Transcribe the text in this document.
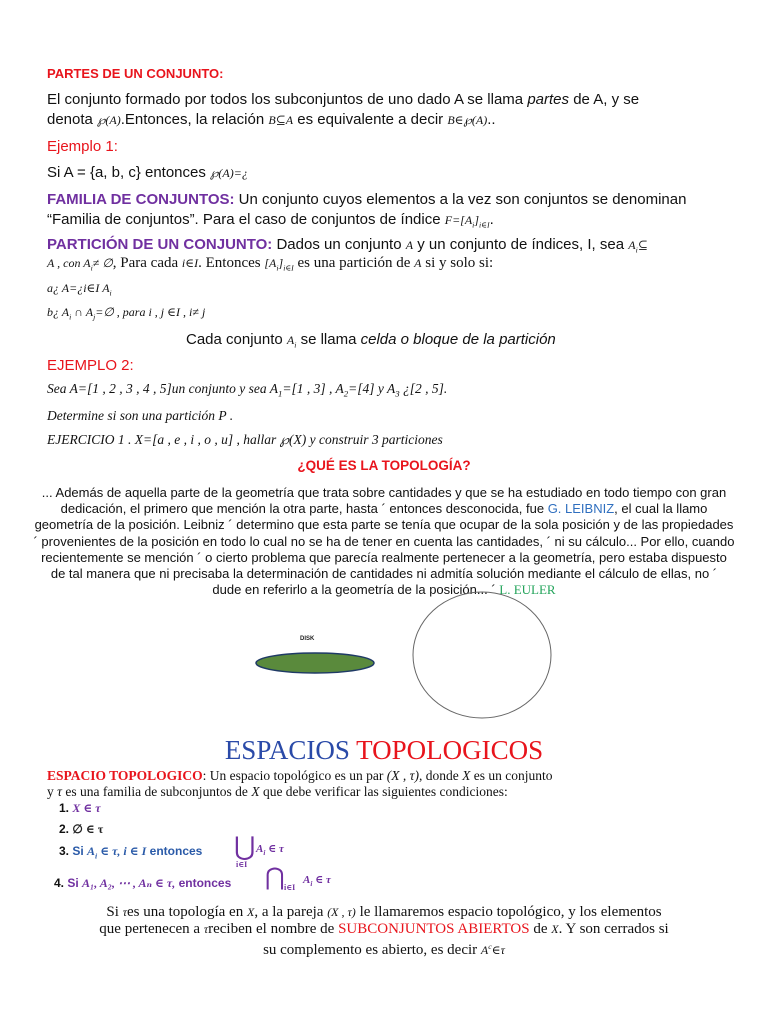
PARTES DE UN CONJUNTO:
El conjunto formado por todos los subconjuntos de uno dado A se llama partes de A, y se
denota ℘(A).Entonces, la relación B⊆A es equivalente a decir B∈℘(A)..
Ejemplo 1:
Si A = {a, b, c} entonces ℘(A)=¿
FAMILIA DE CONJUNTOS: Un conjunto cuyos elementos a la vez son conjuntos se denominan
“Familia de conjuntos”. Para el caso de conjuntos de índice $F=[A_i]_{i\in I}$.
PARTICIÓN DE UN CONJUNTO: Dados un conjunto A y un conjunto de índices, I, sea $A_i⊆$
A , con $A_i\ne$ ∅, Para cada i∈I. Entonces $[A_i]_{i\in I}$ es una partición de A si y solo si:
a¿ A=¿i∈I $A_i$
b¿ $A_i$ ∩ $A_j=\emptyset$ , para i , j ∈I , i≠ j
Cada conjunto $A_i$ se llama celda o bloque de la partición
EJEMPLO 2:
Sea A=[1 , 2 , 3 , 4 , 5]un conjunto y sea $A_1=[1$ , 3] , $A_2=[4]$ y $A_3$ ¿[2 , 5].
Determine si son una partición P .
EJERCICIO 1 . X=[a , e , i , o , u] , hallar ℘(X) y construir 3 particiones
¿QUÉ ES LA TOPOLOGÍA?
... Además de aquella parte de la geometría que trata sobre cantidades y que se ha estudiado en todo tiempo con gran
dedicación, el primero que mención la otra parte, hasta ´ entonces desconocida, fue G. LEIBNIZ, el cual la llamo
geometría de la posición. Leibniz ´ determino que esta parte se tenía que ocupar de la sola posición y de las propiedades
´ provenientes de la posición en todo lo cual no se ha de tener en cuenta las cantidades, ´ ni su cálculo... Por ello, cuando
recientemente se mención ´ o cierto problema que parecía realmente pertenecer a la geometría, pero estaba dispuesto
de tal manera que ni precisaba la determinación de cantidades ni admitía solución mediante el cálculo de ellas, no ´
dude en referirlo a la geometría de la posición... ´ L. EULER
DISK
ESPACIOS TOPOLOGICOS
ESPACIO TOPOLOGICO: Un espacio topológico es un par (X , τ), donde X es un conjunto
y τ es una familia de subconjuntos de X que debe verificar las siguientes condiciones:
1. X ∈ τ
2. ∅ ∈ τ
3. Si $A_i$ ∈ τ, i ∈ I entonces ⋃
i∈I
$A_i$ ∈ τ
4. Si A₁, A₂, ⋯ , Aₙ ∈ τ, entonces ⋂ i∈I
$A_i$ ∈ τ
Si τes una topología en X, a la pareja (X , τ) le llamaremos espacio topológico, y los elementos
que pertenecen a τreciben el nombre de SUBCONJUNTOS ABIERTOS de X. Y son cerrados si
su complemento es abierto, es decir $A^c\in\tau$
